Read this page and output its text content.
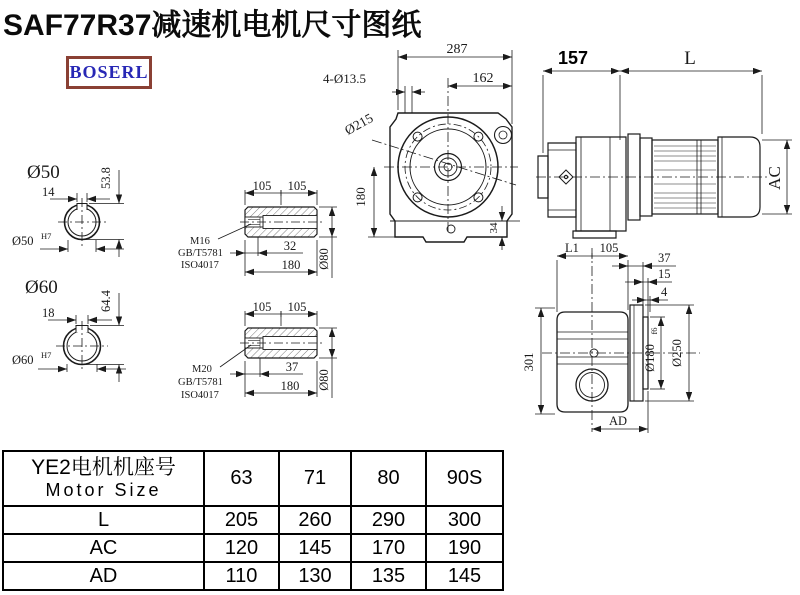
SAF77R37减速机电机尺寸图纸
BOSERL
Ø50
14
53.8
Ø50 H7
Ø60
18
64.4
Ø60 H7
105 105
32
180 Ø80
M16
GB/T5781
ISO4017
105 105
37
180 Ø80
M20
GB/T5781
ISO4017
287
162
4-Ø13.5
Ø215
180
34
157	L
AC
L1 105
37
15
4
301	Ø180
f6
Ø250
AD
YE2电机机座号
Motor Size	63	71	80	90S
L	205	260	290	300
AC	120	145	170	190
AD	110	130	135	145
